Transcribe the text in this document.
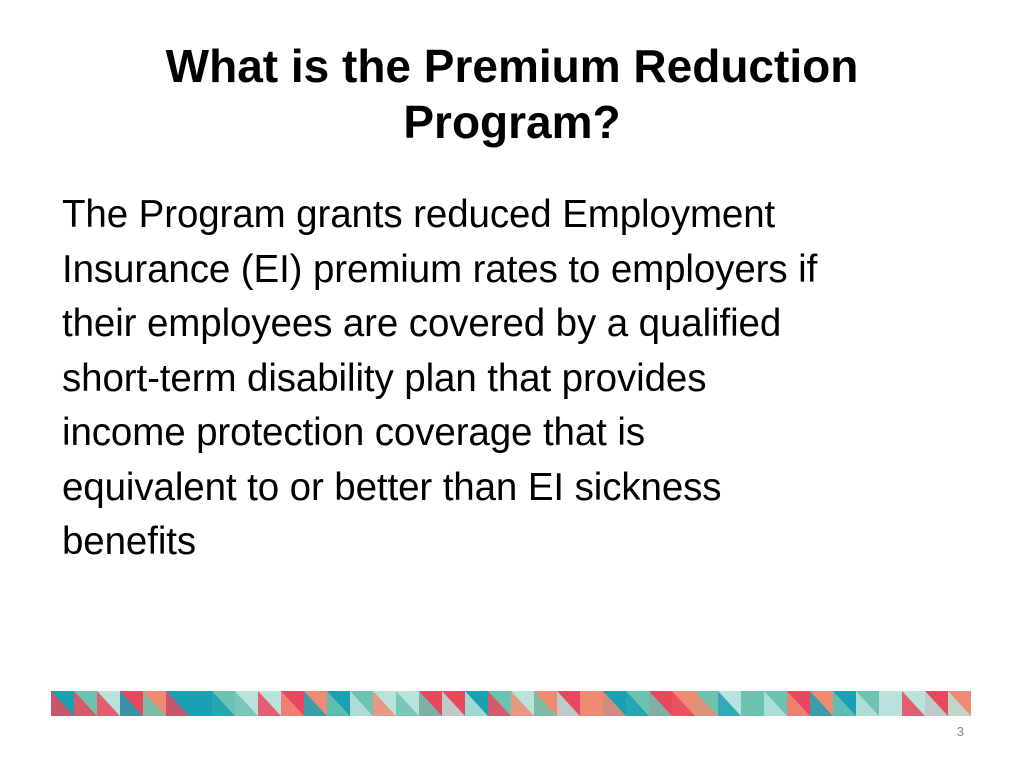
What is the Premium Reduction
Program?
The Program grants reduced Employment
Insurance (EI) premium rates to employers if
their employees are covered by a qualified
short-term disability plan that provides
income protection coverage that is
equivalent to or better than EI sickness
benefits
3
